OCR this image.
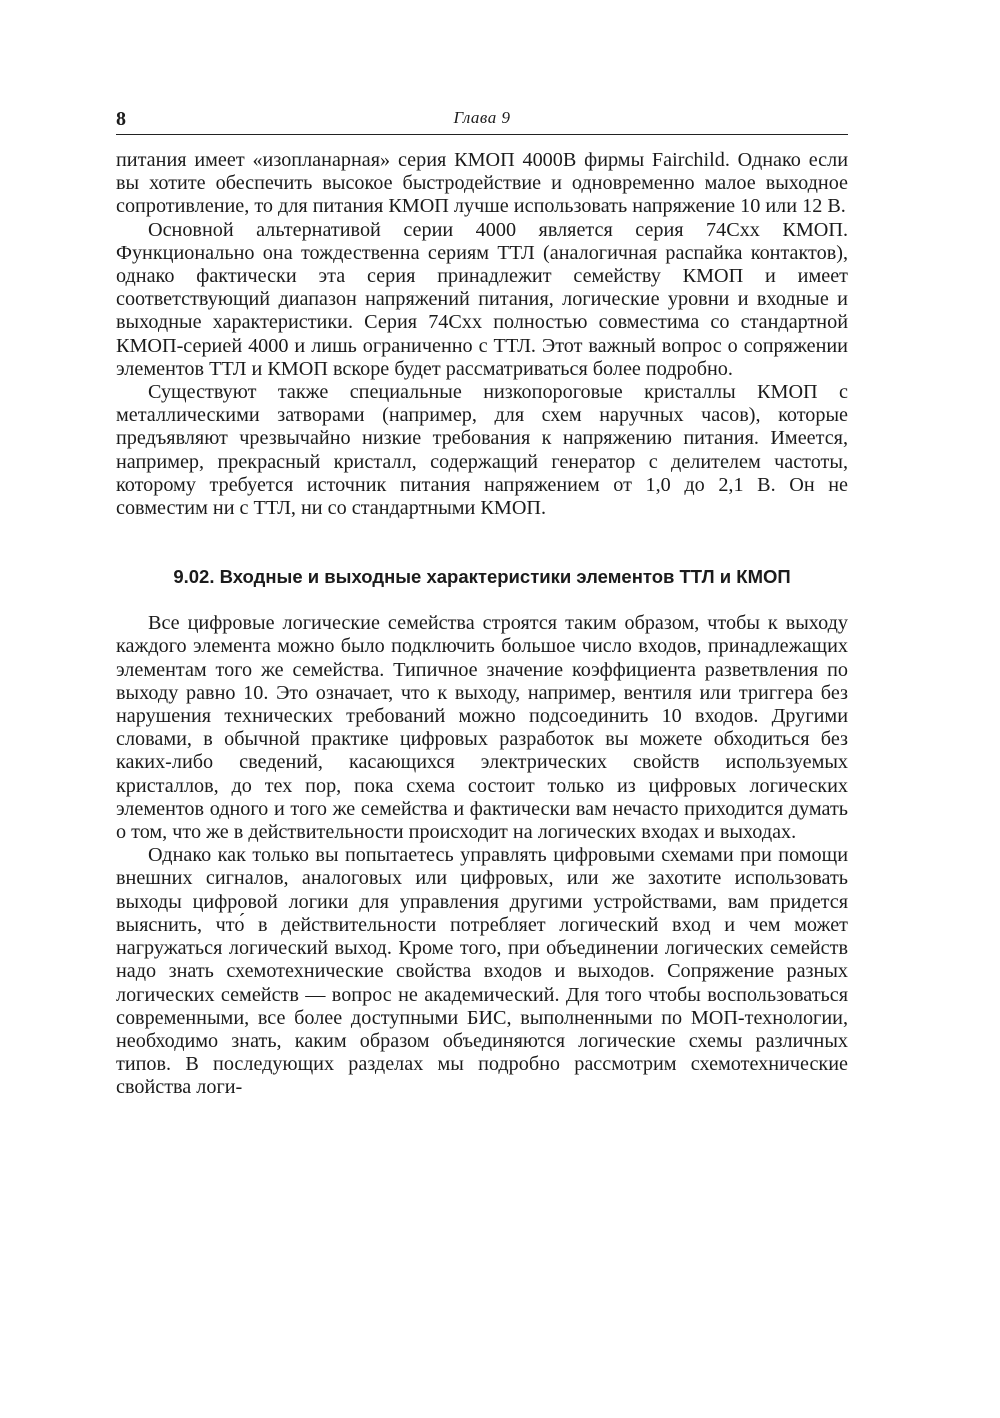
8	Глава 9

питания имеет «изопланарная» серия КМОП 4000В фирмы Fairchild. Однако если вы хотите обеспечить высокое быстродействие и одновременно малое выходное сопротивление, то для питания КМОП лучше использовать напряжение 10 или 12 В.

Основной альтернативой серии 4000 является серия 74Cxx КМОП. Функционально она тождественна сериям ТТЛ (аналогичная распайка контактов), однако фактически эта серия принадлежит семейству КМОП и имеет соответствующий диапазон напряжений питания, логические уровни и входные и выходные характеристики. Серия 74Cxx полностью совместима со стандартной КМОП-серией 4000 и лишь ограниченно с ТТЛ. Этот важный вопрос о сопряжении элементов ТТЛ и КМОП вскоре будет рассматриваться более подробно.

Существуют также специальные низкопороговые кристаллы КМОП с металлическими затворами (например, для схем наручных часов), которые предъявляют чрезвычайно низкие требования к напряжению питания. Имеется, например, прекрасный кристалл, содержащий генератор с делителем частоты, которому требуется источник питания напряжением от 1,0 до 2,1 В. Он не совместим ни с ТТЛ, ни со стандартными КМОП.

9.02. Входные и выходные характеристики элементов ТТЛ и КМОП

Все цифровые логические семейства строятся таким образом, чтобы к выходу каждого элемента можно было подключить большое число входов, принадлежащих элементам того же семейства. Типичное значение коэффициента разветвления по выходу равно 10. Это означает, что к выходу, например, вентиля или триггера без нарушения технических требований можно подсоединить 10 входов. Другими словами, в обычной практике цифровых разработок вы можете обходиться без каких-либо сведений, касающихся электрических свойств используемых кристаллов, до тех пор, пока схема состоит только из цифровых логических элементов одного и того же семейства и фактически вам нечасто приходится думать о том, что же в действительности происходит на логических входах и выходах.

Однако как только вы попытаетесь управлять цифровыми схемами при помощи внешних сигналов, аналоговых или цифровых, или же захотите использовать выходы цифровой логики для управления другими устройствами, вам придется выяснить, что́ в действительности потребляет логический вход и чем может нагружаться логический выход. Кроме того, при объединении логических семейств надо знать схемотехнические свойства входов и выходов. Сопряжение разных логических семейств — вопрос не академический. Для того чтобы воспользоваться современными, все более доступными БИС, выполненными по МОП-технологии, необходимо знать, каким образом объединяются логические схемы различных типов. В последующих разделах мы подробно рассмотрим схемотехнические свойства логи-
